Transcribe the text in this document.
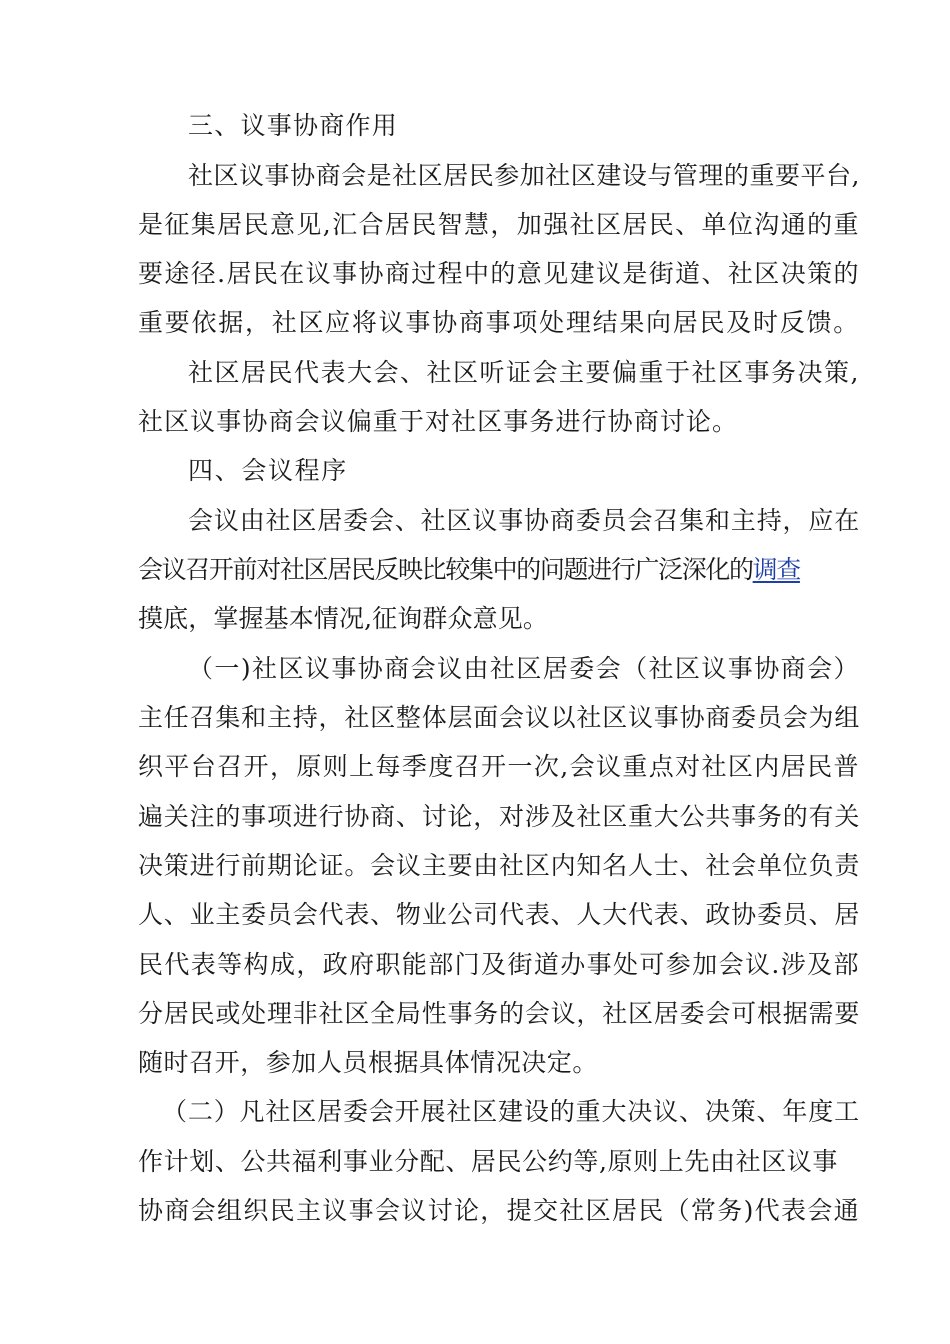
三、议事协商作用
社区议事协商会是社区居民参加社区建设与管理的重要平台,
是征集居民意见,汇合居民智慧，加强社区居民、单位沟通的重
要途径.居民在议事协商过程中的意见建议是街道、社区决策的
重要依据，社区应将议事协商事项处理结果向居民及时反馈。
社区居民代表大会、社区听证会主要偏重于社区事务决策,
社区议事协商会议偏重于对社区事务进行协商讨论。
四、会议程序
会议由社区居委会、社区议事协商委员会召集和主持，应在
会议召开前对社区居民反映比较集中的问题进行广泛深化的调查
摸底，掌握基本情况,征询群众意见。
（一)社区议事协商会议由社区居委会（社区议事协商会）
主任召集和主持，社区整体层面会议以社区议事协商委员会为组
织平台召开，原则上每季度召开一次,会议重点对社区内居民普
遍关注的事项进行协商、讨论，对涉及社区重大公共事务的有关
决策进行前期论证。会议主要由社区内知名人士、社会单位负责
人、业主委员会代表、物业公司代表、人大代表、政协委员、居
民代表等构成，政府职能部门及街道办事处可参加会议.涉及部
分居民或处理非社区全局性事务的会议，社区居委会可根据需要
随时召开，参加人员根据具体情况决定。
（二）凡社区居委会开展社区建设的重大决议、决策、年度工
作计划、公共福利事业分配、居民公约等,原则上先由社区议事
协商会组织民主议事会议讨论，提交社区居民（常务)代表会通
